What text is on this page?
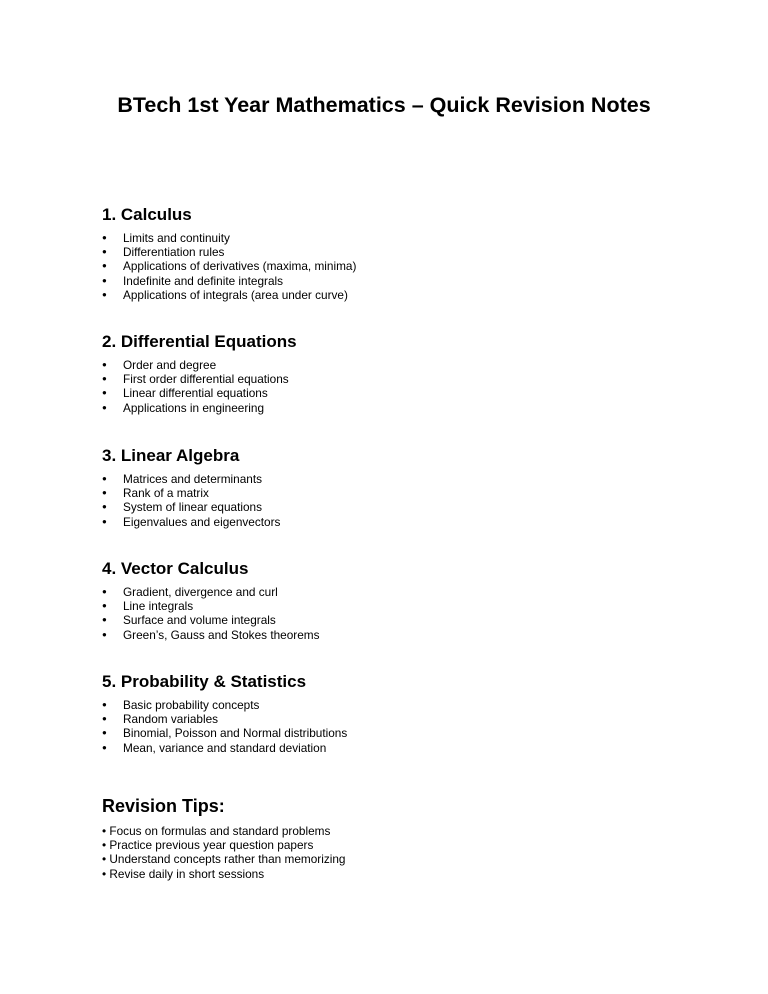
BTech 1st Year Mathematics – Quick Revision Notes
1. Calculus
●	Limits and continuity
●	Differentiation rules
●	Applications of derivatives (maxima, minima)
●	Indefinite and definite integrals
●	Applications of integrals (area under curve)
2. Differential Equations
●	Order and degree
●	First order differential equations
●	Linear differential equations
●	Applications in engineering
3. Linear Algebra
●	Matrices and determinants
●	Rank of a matrix
●	System of linear equations
●	Eigenvalues and eigenvectors
4. Vector Calculus
●	Gradient, divergence and curl
●	Line integrals
●	Surface and volume integrals
●	Green’s, Gauss and Stokes theorems
5. Probability & Statistics
●	Basic probability concepts
●	Random variables
●	Binomial, Poisson and Normal distributions
●	Mean, variance and standard deviation
Revision Tips:
• Focus on formulas and standard problems
• Practice previous year question papers
• Understand concepts rather than memorizing
• Revise daily in short sessions
